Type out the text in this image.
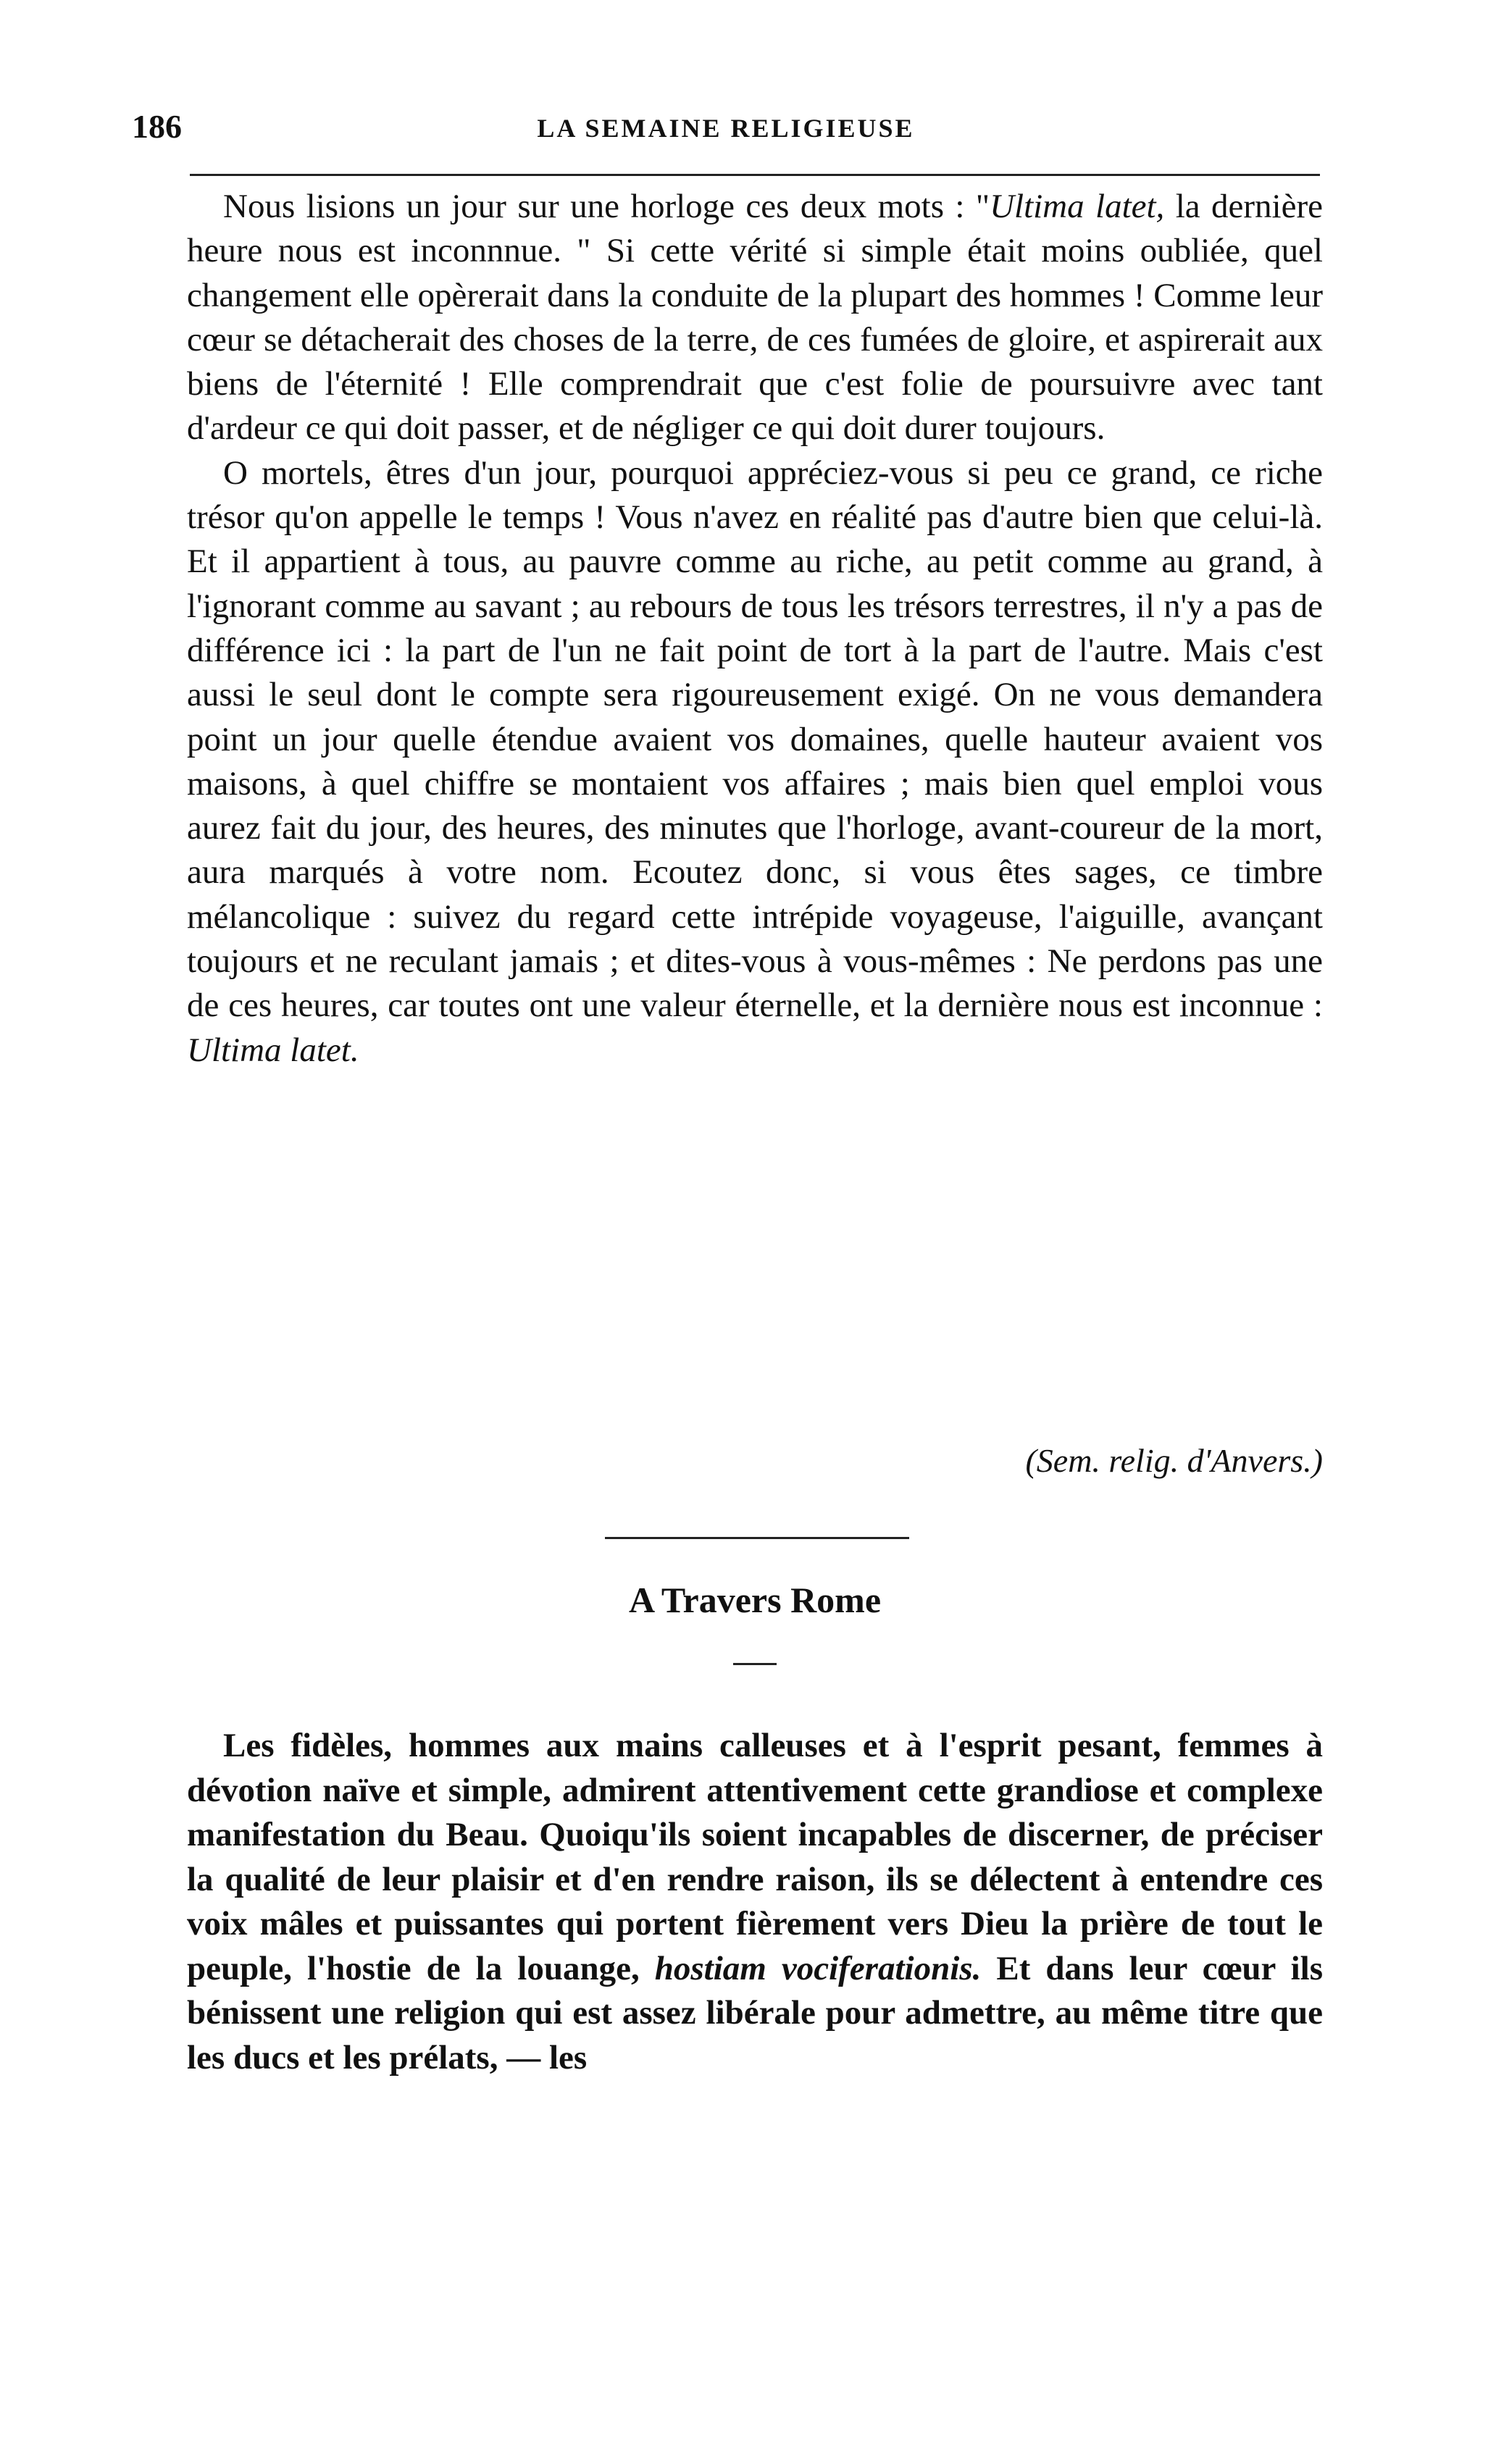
186	LA SEMAINE RELIGIEUSE

Nous lisions un jour sur une horloge ces deux mots : "Ultima latet, la dernière heure nous est inconnnue. " Si cette vérité si simple était moins oubliée, quel changement elle opèrerait dans la conduite de la plupart des hommes ! Comme leur cœur se détacherait des choses de la terre, de ces fumées de gloire, et aspirerait aux biens de l'éternité ! Elle comprendrait que c'est folie de poursuivre avec tant d'ardeur ce qui doit passer, et de négliger ce qui doit durer toujours.

O mortels, êtres d'un jour, pourquoi appréciez-vous si peu ce grand, ce riche trésor qu'on appelle le temps ! Vous n'avez en réalité pas d'autre bien que celui-là. Et il appartient à tous, au pauvre comme au riche, au petit comme au grand, à l'ignorant comme au savant ; au rebours de tous les trésors terrestres, il n'y a pas de différence ici : la part de l'un ne fait point de tort à la part de l'autre. Mais c'est aussi le seul dont le compte sera rigoureusement exigé. On ne vous demandera point un jour quelle étendue avaient vos domaines, quelle hauteur avaient vos maisons, à quel chiffre se montaient vos affaires ; mais bien quel emploi vous aurez fait du jour, des heures, des minutes que l'horloge, avant-coureur de la mort, aura marqués à votre nom. Ecoutez donc, si vous êtes sages, ce timbre mélancolique : suivez du regard cette intrépide voyageuse, l'aiguille, avançant toujours et ne reculant jamais ; et dites-vous à vous-mêmes : Ne perdons pas une de ces heures, car toutes ont une valeur éternelle, et la dernière nous est inconnue : Ultima latet.

(Sem. relig. d'Anvers.)
A Travers Rome

Les fidèles, hommes aux mains calleuses et à l'esprit pesant, femmes à dévotion naïve et simple, admirent attentivement cette grandiose et complexe manifestation du Beau. Quoiqu'ils soient incapables de discerner, de préciser la qualité de leur plaisir et d'en rendre raison, ils se délectent à entendre ces voix mâles et puissantes qui portent fièrement vers Dieu la prière de tout le peuple, l'hostie de la louange, hostiam vociferationis. Et dans leur cœur ils bénissent une religion qui est assez libérale pour admettre, au même titre que les ducs et les prélats, — les
